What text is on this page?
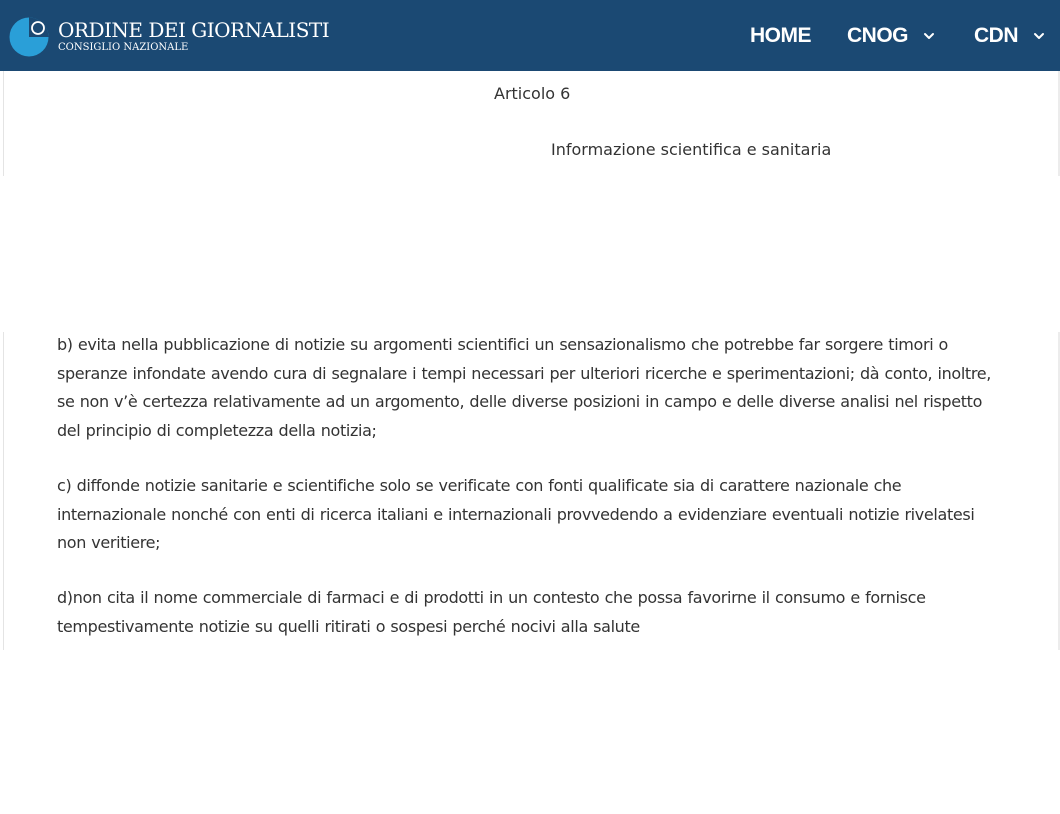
ORDINE DEI GIORNALISTI
CONSIGLIO NAZIONALE
HOME CNOG	CDN
Articolo 6
Informazione scientifica e sanitaria
b) evita nella pubblicazione di notizie su argomenti scientifici un sensazionalismo che potrebbe far sorgere timori o speranze infondate avendo cura di segnalare i tempi necessari per ulteriori ricerche e sperimentazioni; dà conto, inoltre, se non v’è certezza relativamente ad un argomento, delle diverse posizioni in campo e delle diverse analisi nel rispetto del principio di completezza della notizia;
c) diffonde notizie sanitarie e scientifiche solo se verificate con fonti qualificate sia di carattere nazionale che internazionale nonché con enti di ricerca italiani e internazionali provvedendo a evidenziare eventuali notizie rivelatesi non veritiere;
d)non cita il nome commerciale di farmaci e di prodotti in un contesto che possa favorirne il consumo e fornisce tempestivamente notizie su quelli ritirati o sospesi perché nocivi alla salute
